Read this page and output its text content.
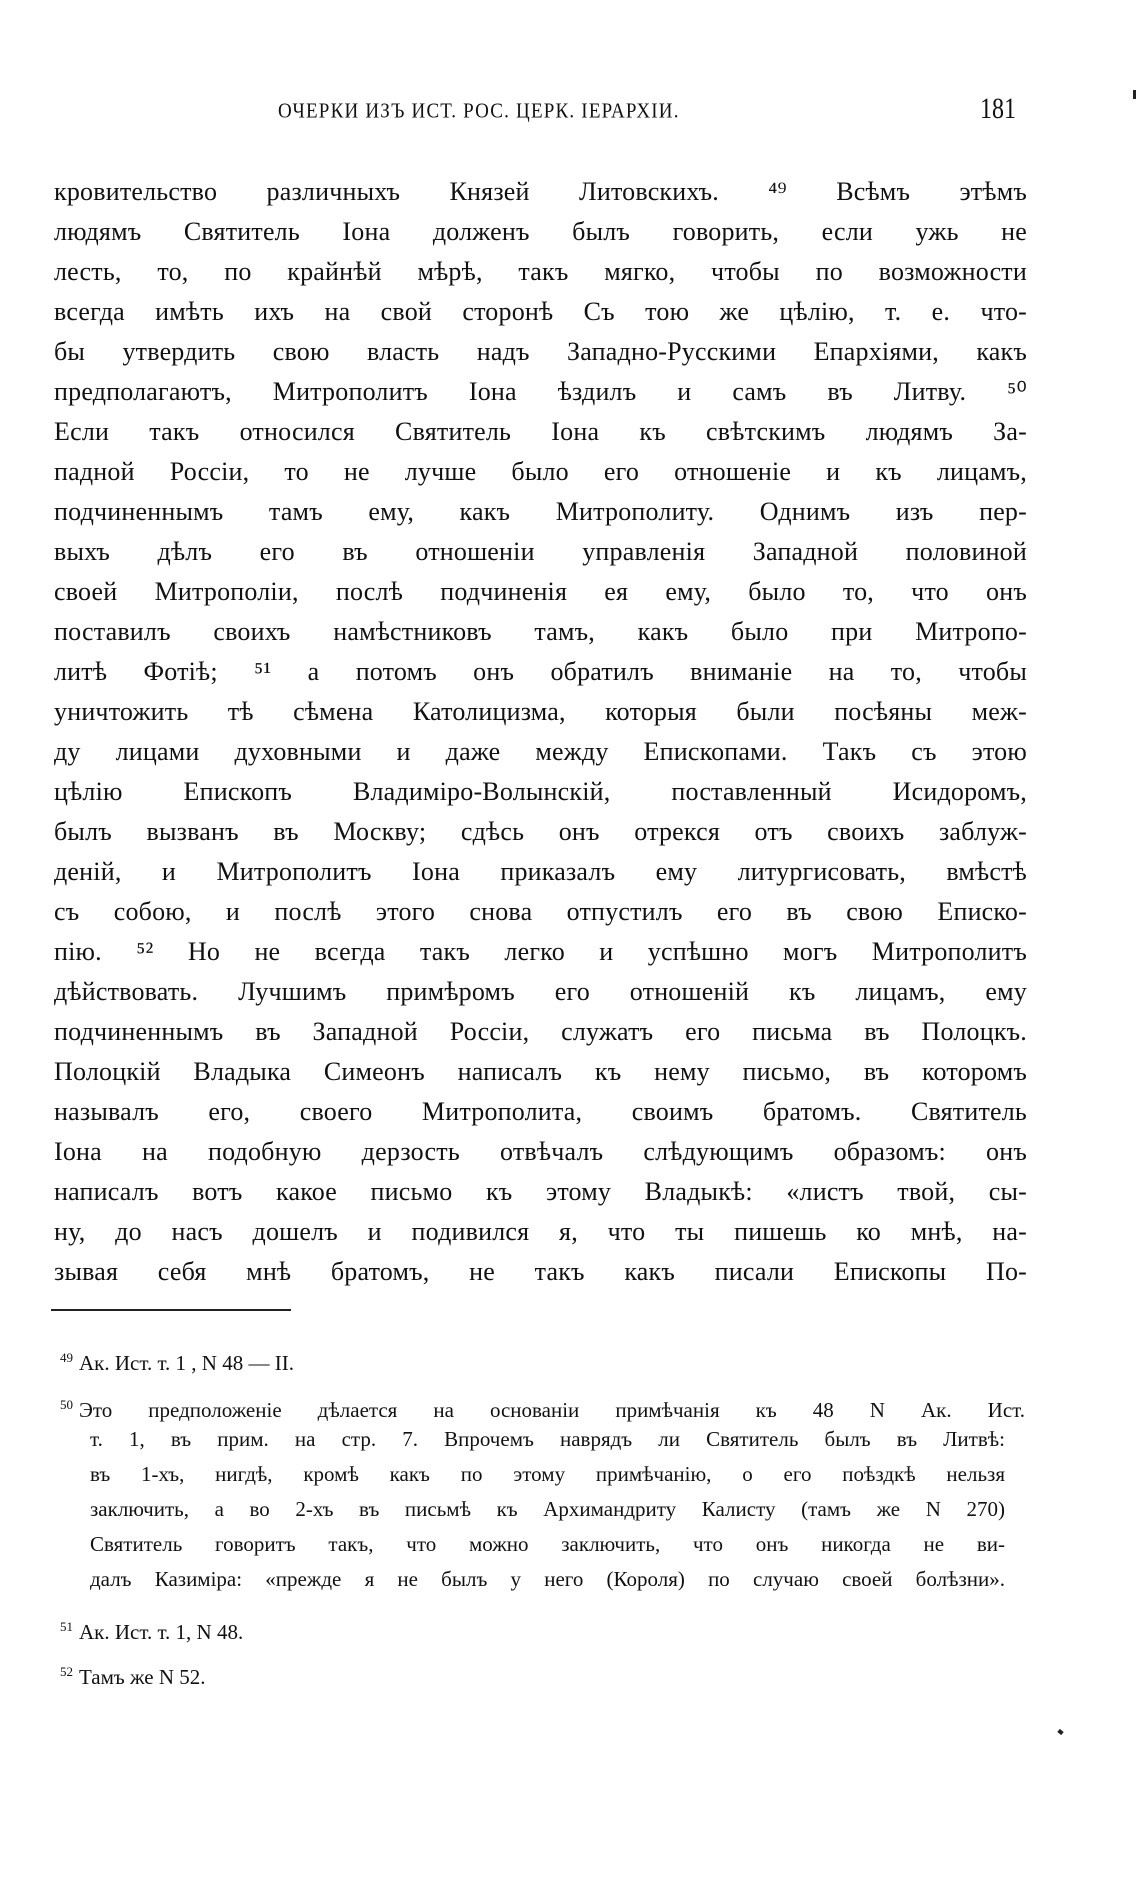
ОЧЕРКИ ИЗЪ ИСТ. РОС. ЦЕРК. IЕРАРХIИ.	181
кровительство различныхъ Князей Литовскихъ. ⁴⁹ Всѣмъ этѣмъ
людямъ Святитель Iона долженъ былъ говорить, если ужь не
лесть, то, по крайнѣй мѣрѣ, такъ мягко, чтобы по возможности
всегда имѣть ихъ на свой сторонѣ Съ тою же цѣлiю, т. е. что-
бы утвердить свою власть надъ Западно-Русскими Епархiями, какъ
предполагаютъ, Митрополитъ Iона ѣздилъ и самъ въ Литву. ⁵⁰
Если такъ относился Святитель Iона къ свѣтскимъ людямъ За-
падной Россiи, то не лучше было его отношенiе и къ лицамъ,
подчиненнымъ тамъ ему, какъ Митрополиту. Однимъ изъ пер-
выхъ дѣлъ его въ отношенiи управленiя Западной половиной
своей Митрополiи, послѣ подчиненiя ея ему, было то, что онъ
поставилъ своихъ намѣстниковъ тамъ, какъ было при Митропо-
литѣ Фотiѣ; ⁵¹ а потомъ онъ обратилъ вниманiе на то, чтобы
уничтожить тѣ сѣмена Католицизма, которыя были посѣяны меж-
ду лицами духовными и даже между Епископами. Такъ съ этою
цѣлiю Епископъ Владимiро-Волынскiй, поставленный Исидоромъ,
былъ вызванъ въ Москву; сдѣсь онъ отрекся отъ своихъ заблуж-
денiй, и Митрополитъ Iона приказалъ ему литургисовать, вмѣстѣ
съ собою, и послѣ этого снова отпустилъ его въ свою Еписко-
пiю. ⁵² Но не всегда такъ легко и успѣшно могъ Митрополитъ
дѣйствовать. Лучшимъ примѣромъ его отношенiй къ лицамъ, ему
подчиненнымъ въ Западной Россiи, служатъ его письма въ Полоцкъ.
Полоцкiй Владыка Симеонъ написалъ къ нему письмо, въ которомъ
называлъ его, своего Митрополита, своимъ братомъ. Святитель
Iона на подобную дерзость отвѣчалъ слѣдующимъ образомъ: онъ
написалъ вотъ какое письмо къ этому Владыкѣ: «листъ твой, сы-
ну, до насъ дошелъ и подивился я, что ты пишешь ко мнѣ, на-
зывая себя мнѣ братомъ, не такъ какъ писали Епископы По-
$^{49}$ Ак. Ист. т. 1 , N 48 — II.
$^{50}$ Это предположенiе дѣлается на основанiи примѣчанiя къ 48 N Ак. Ист.
т. 1, въ прим. на стр. 7. Впрочемъ наврядъ ли Святитель былъ въ Литвѣ:
въ 1-хъ, нигдѣ, кромѣ какъ по этому примѣчанiю, о его поѣздкѣ нельзя
заключить, а во 2-хъ въ письмѣ къ Архимандриту Калисту (тамъ же N 270)
Святитель говоритъ такъ, что можно заключить, что онъ никогда не ви-
далъ Казимiра: «прежде я не былъ у него (Короля) по случаю своей болѣзни».
$^{51}$ Ак. Ист. т. 1, N 48.
$^{52}$ Тамъ же N 52.
